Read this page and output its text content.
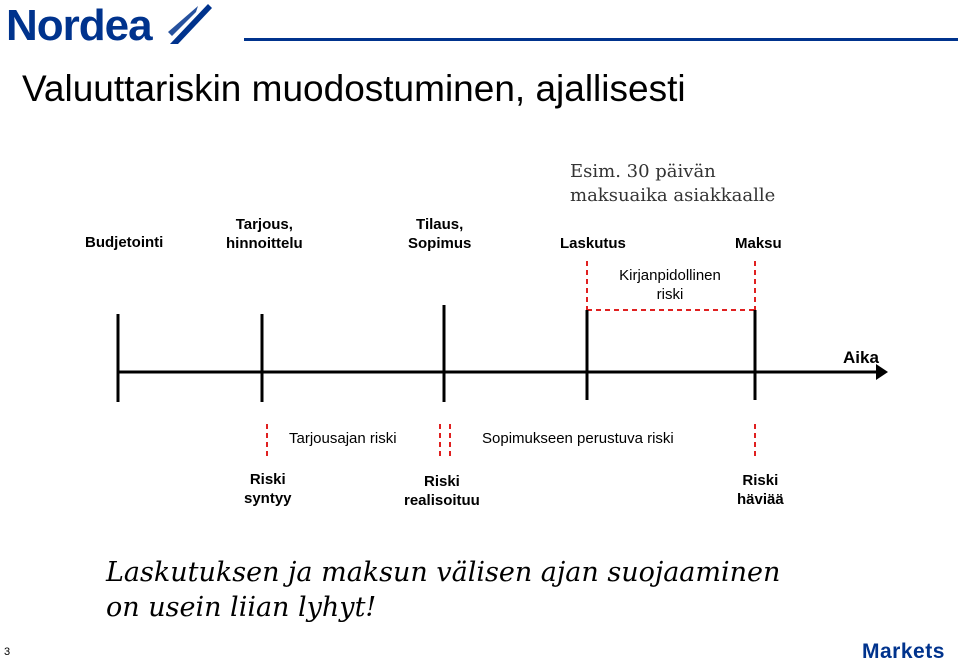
Nordea
Valuuttariskin muodostuminen, ajallisesti
Budjetointi
Tarjous,
hinnoittelu
Tilaus,
Sopimus	Laskutus	Maksu
Esim. 30 päivän
maksuaika asiakkaalle
Kirjanpidollinen
riski
Aika
Tarjousajan riski	Sopimukseen perustuva riski
Riski
syntyy
Riski
realisoituu
Riski
häviää
Laskutuksen ja maksun välisen ajan suojaaminen
on usein liian lyhyt!
3	Markets
